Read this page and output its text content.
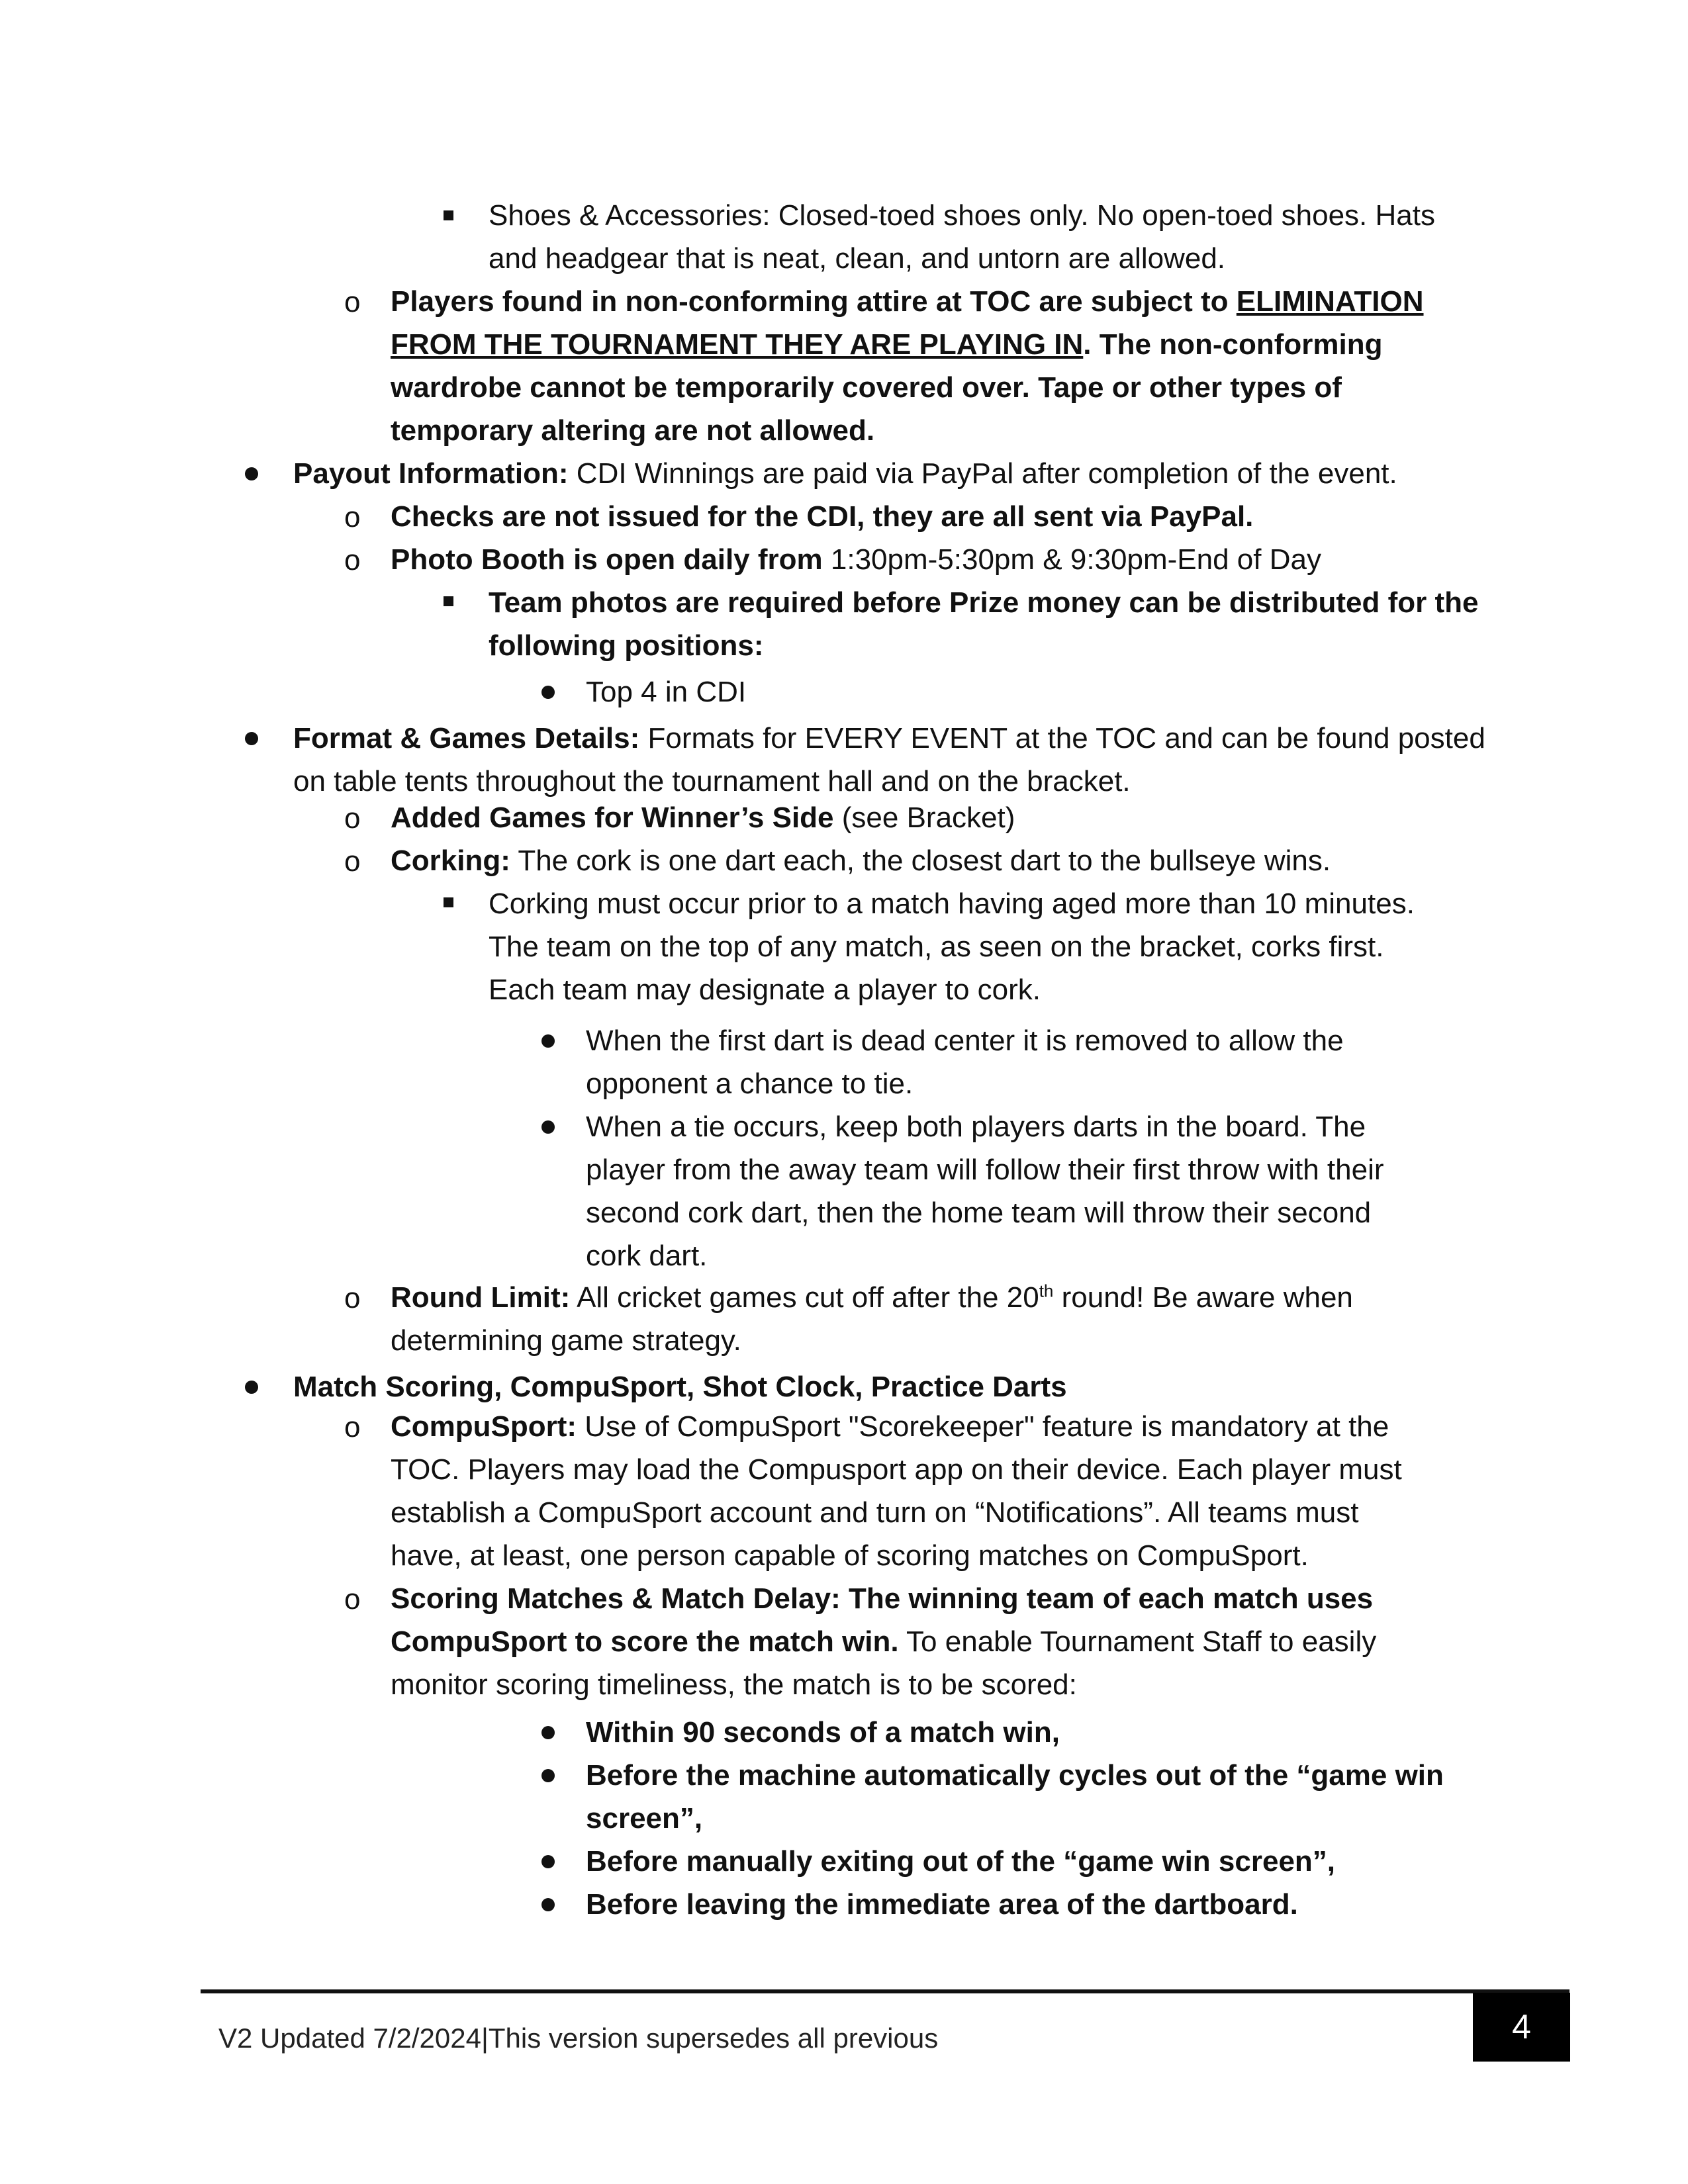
o
o
o
o
o
o
o
o
Shoes & Accessories: Closed-toed shoes only. No open-toed shoes. Hats
and headgear that is neat, clean, and untorn are allowed.
Players found in non-conforming attire at TOC are subject to ELIMINATION
FROM THE TOURNAMENT THEY ARE PLAYING IN. The non-conforming
wardrobe cannot be temporarily covered over. Tape or other types of
temporary altering are not allowed.
Payout Information: CDI Winnings are paid via PayPal after completion of the event.
Checks are not issued for the CDI, they are all sent via PayPal.
Photo Booth is open daily from 1:30pm-5:30pm & 9:30pm-End of Day
Team photos are required before Prize money can be distributed for the
following positions:
Top 4 in CDI
Format & Games Details: Formats for EVERY EVENT at the TOC and can be found posted
on table tents throughout the tournament hall and on the bracket.
Added Games for Winner’s Side (see Bracket)
Corking: The cork is one dart each, the closest dart to the bullseye wins.
Corking must occur prior to a match having aged more than 10 minutes.
The team on the top of any match, as seen on the bracket, corks first.
Each team may designate a player to cork.
When the first dart is dead center it is removed to allow the
opponent a chance to tie.
When a tie occurs, keep both players darts in the board. The
player from the away team will follow their first throw with their
second cork dart, then the home team will throw their second
cork dart.
Round Limit: All cricket games cut off after the 20th round! Be aware when
determining game strategy.
Match Scoring, CompuSport, Shot Clock, Practice Darts
CompuSport: Use of CompuSport "Scorekeeper" feature is mandatory at the
TOC. Players may load the Compusport app on their device. Each player must
establish a CompuSport account and turn on “Notifications”. All teams must
have, at least, one person capable of scoring matches on CompuSport.
Scoring Matches & Match Delay: The winning team of each match uses
CompuSport to score the match win. To enable Tournament Staff to easily
monitor scoring timeliness, the match is to be scored:
Within 90 seconds of a match win,
Before the machine automatically cycles out of the “game win
screen”,
Before manually exiting out of the “game win screen”,
Before leaving the immediate area of the dartboard.
V2 Updated 7/2/2024|This version supersedes all previous	4
